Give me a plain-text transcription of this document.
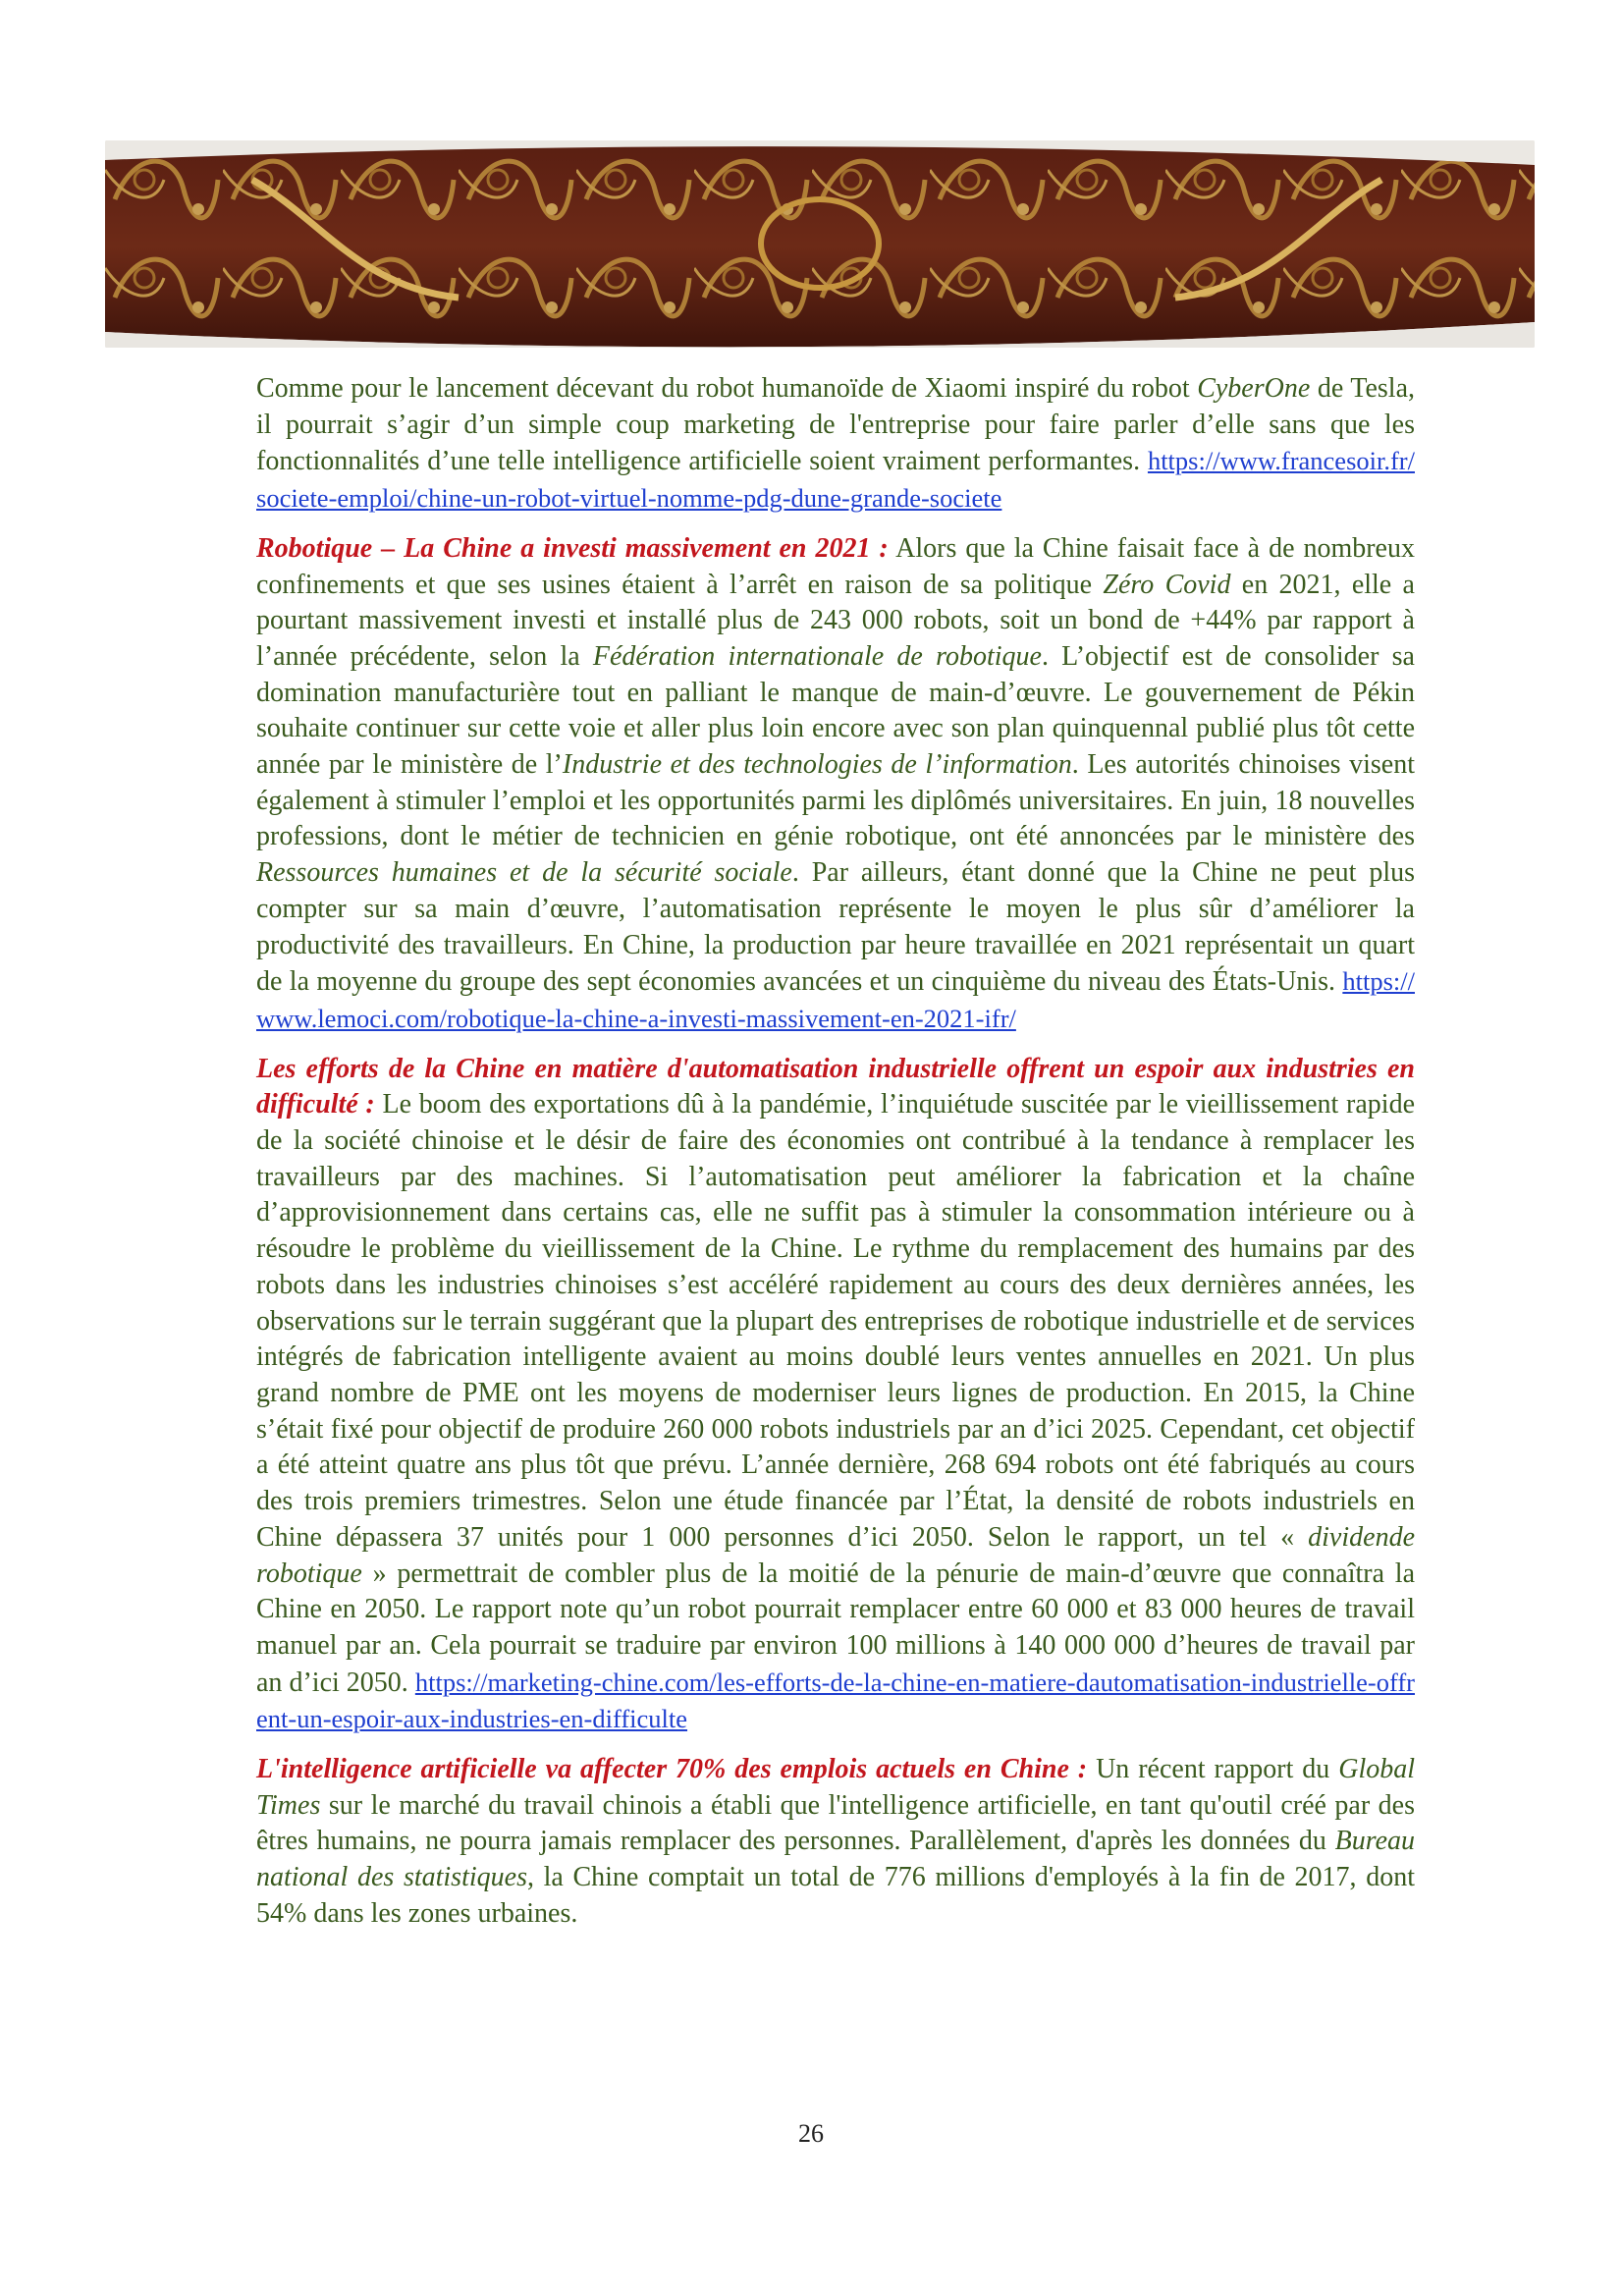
Comme pour le lancement décevant du robot humanoïde de Xiaomi inspiré du robot CyberOne de Tesla, il pourrait s’agir d’un simple coup marketing de l'entreprise pour faire parler d’elle sans que les fonctionnalités d’une telle intelligence artificielle soient vraiment performantes. https://www.francesoir.fr/societe-emploi/chine-un-robot-virtuel-nomme-pdg-dune-grande-societe

Robotique – La Chine a investi massivement en 2021 : Alors que la Chine faisait face à de nombreux confinements et que ses usines étaient à l’arrêt en raison de sa politique Zéro Covid en 2021, elle a pourtant massivement investi et installé plus de 243 000 robots, soit un bond de +44% par rapport à l’année précédente, selon la Fédération internationale de robotique. L’objectif est de consolider sa domination manufacturière tout en palliant le manque de main-d’œuvre. Le gouvernement de Pékin souhaite continuer sur cette voie et aller plus loin encore avec son plan quinquennal publié plus tôt cette année par le ministère de l’Industrie et des technologies de l’information. Les autorités chinoises visent également à stimuler l’emploi et les opportunités parmi les diplômés universitaires. En juin, 18 nouvelles professions, dont le métier de technicien en génie robotique, ont été annoncées par le ministère des Ressources humaines et de la sécurité sociale. Par ailleurs, étant donné que la Chine ne peut plus compter sur sa main d’œuvre, l’automatisation représente le moyen le plus sûr d’améliorer la productivité des travailleurs. En Chine, la production par heure travaillée en 2021 représentait un quart de la moyenne du groupe des sept économies avancées et un cinquième du niveau des États-Unis. https://www.lemoci.com/robotique-la-chine-a-investi-massivement-en-2021-ifr/

Les efforts de la Chine en matière d'automatisation industrielle offrent un espoir aux industries en difficulté : Le boom des exportations dû à la pandémie, l’inquiétude suscitée par le vieillissement rapide de la société chinoise et le désir de faire des économies ont contribué à la tendance à remplacer les travailleurs par des machines. Si l’automatisation peut améliorer la fabrication et la chaîne d’approvisionnement dans certains cas, elle ne suffit pas à stimuler la consommation intérieure ou à résoudre le problème du vieillissement de la Chine. Le rythme du remplacement des humains par des robots dans les industries chinoises s’est accéléré rapidement au cours des deux dernières années, les observations sur le terrain suggérant que la plupart des entreprises de robotique industrielle et de services intégrés de fabrication intelligente avaient au moins doublé leurs ventes annuelles en 2021. Un plus grand nombre de PME ont les moyens de moderniser leurs lignes de production. En 2015, la Chine s’était fixé pour objectif de produire 260 000 robots industriels par an d’ici 2025. Cependant, cet objectif a été atteint quatre ans plus tôt que prévu. L’année dernière, 268 694 robots ont été fabriqués au cours des trois premiers trimestres. Selon une étude financée par l’État, la densité de robots industriels en Chine dépassera 37 unités pour 1 000 personnes d’ici 2050. Selon le rapport, un tel « dividende robotique » permettrait de combler plus de la moitié de la pénurie de main-d’œuvre que connaîtra la Chine en 2050. Le rapport note qu’un robot pourrait remplacer entre 60 000 et 83 000 heures de travail manuel par an. Cela pourrait se traduire par environ 100 millions à 140 000 000 d’heures de travail par an d’ici 2050. https://marketing-chine.com/les-efforts-de-la-chine-en-matiere-dautomatisation-industrielle-offrent-un-espoir-aux-industries-en-difficulte

L'intelligence artificielle va affecter 70% des emplois actuels en Chine : Un récent rapport du Global Times sur le marché du travail chinois a établi que l'intelligence artificielle, en tant qu'outil créé par des êtres humains, ne pourra jamais remplacer des personnes. Parallèlement, d'après les données du Bureau national des statistiques, la Chine comptait un total de 776 millions d'employés à la fin de 2017, dont 54% dans les zones urbaines.

26
